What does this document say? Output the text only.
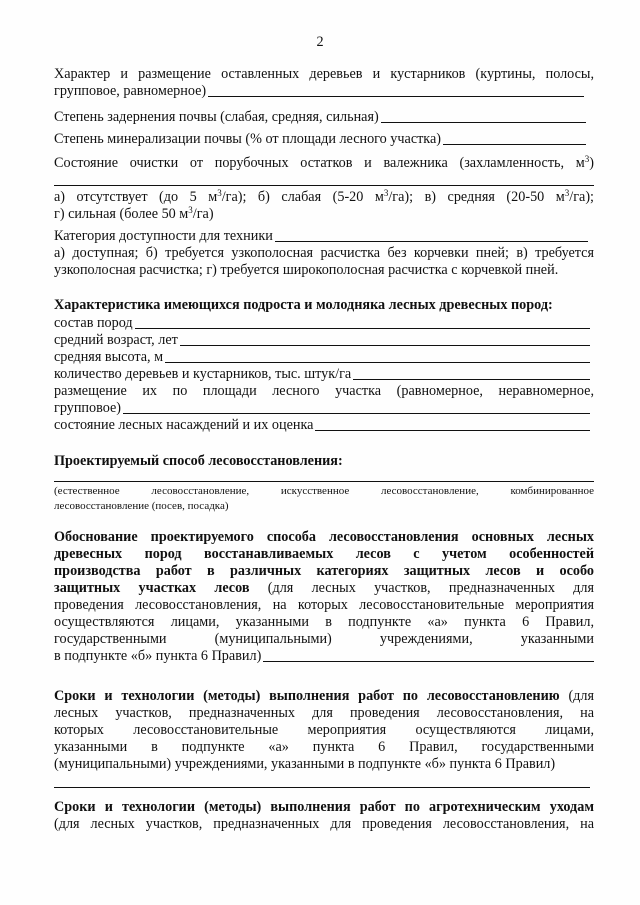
2
Характер и размещение оставленных деревьев и кустарников (куртины, полосы,
групповое, равномерное)
Степень задернения почвы (слабая, средняя, сильная)
Степень минерализации почвы (% от площади лесного участка)
Состояние очистки от порубочных остатков и валежника (захламленность, $м^3$)
а) отсутствует (до 5 $м^3/га$); б) слабая (5-20 $м^3/га$); в) средняя (20-50 $м^3/га$);
г) сильная (более 50 $м^3/га$)
Категория доступности для техники
а) доступная; б) требуется узкополосная расчистка без корчевки пней; в) требуется
узкополосная расчистка; г) требуется широкополосная расчистка с корчевкой пней.
Характеристика имеющихся подроста и молодняка лесных древесных пород:
состав пород
средний возраст, лет
средняя высота, м
количество деревьев и кустарников, тыс. штук/га
размещение их по площади лесного участка (равномерное, неравномерное,
групповое)
состояние лесных насаждений и их оценка
Проектируемый способ лесовосстановления:
(естественное лесовосстановление, искусственное лесовосстановление, комбинированное
лесовосстановление (посев, посадка)
Обоснование проектируемого способа лесовосстановления основных лесных
древесных пород восстанавливаемых лесов с учетом особенностей
производства работ в различных категориях защитных лесов и особо
защитных участках лесов (для лесных участков, предназначенных для
проведения лесовосстановления, на которых лесовосстановительные мероприятия
осуществляются лицами, указанными в подпункте «а» пункта 6 Правил,
государственными (муниципальными) учреждениями, указанными
в подпункте «б» пункта 6 Правил)
Сроки и технологии (методы) выполнения работ по лесовосстановлению (для
лесных участков, предназначенных для проведения лесовосстановления, на
которых лесовосстановительные мероприятия осуществляются лицами,
указанными в подпункте «а» пункта 6 Правил, государственными
(муниципальными) учреждениями, указанными в подпункте «б» пункта 6 Правил)
Сроки и технологии (методы) выполнения работ по агротехническим уходам
(для лесных участков, предназначенных для проведения лесовосстановления, на
